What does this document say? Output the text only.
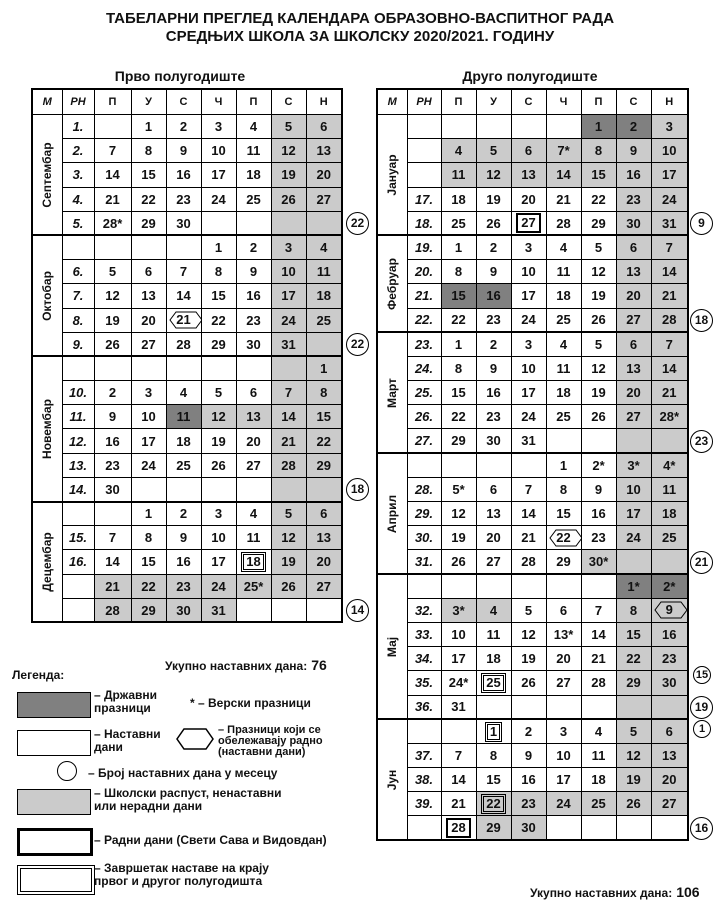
ТАБЕЛАРНИ ПРЕГЛЕД КАЛЕНДАРА ОБРАЗОВНО-ВАСПИТНОГ РАДА
СРЕДЊИХ ШКОЛА ЗА ШКОЛСКУ 2020/2021. ГОДИНУ
Прво полугодиште	Друго полугодиште
М	РН	П	У	С	Ч	П	С	Н

Септембар	1.		1	2	3	4	5	6
	2.	7	8	9	10	11	12	13
	3.	14	15	16	17	18	19	20
	4.	21	22	23	24	25	26	27
	5.	28*	29	30				

Октобар					1	2	3	4
	6.	5	6	7	8	9	10	11
	7.	12	13	14	15	16	17	18
	8.	19	20	21	22	23	24	25
	9.	26	27	28	29	30	31	

Новембар								1
	10.	2	3	4	5	6	7	8
	11.	9	10	11	12	13	14	15
	12.	16	17	18	19	20	21	22
	13.	23	24	25	26	27	28	29
	14.	30						

Децембар			1	2	3	4	5	6
	15.	7	8	9	10	11	12	13
	16.	14	15	16	17	18	19	20
		21	22	23	24	25*	26	27
		28	29	30	31			
М	РН	П	У	С	Ч	П	С	Н

Јануар						1	2	3
		4	5	6	7*	8	9	10
		11	12	13	14	15	16	17
	17.	18	19	20	21	22	23	24
	18.	25	26	27	28	29	30	31

Фебруар	19.	1	2	3	4	5	6	7
	20.	8	9	10	11	12	13	14
	21.	15	16	17	18	19	20	21
	22.	22	23	24	25	26	27	28

Март	23.	1	2	3	4	5	6	7
	24.	8	9	10	11	12	13	14
	25.	15	16	17	18	19	20	21
	26.	22	23	24	25	26	27	28*
	27.	29	30	31				

Април					1	2*	3*	4*
	28.	5*	6	7	8	9	10	11
	29.	12	13	14	15	16	17	18
	30.	19	20	21	22	23	24	25
	31.	26	27	28	29	30*		

Мај							1*	2*
	32.	3*	4	5	6	7	8	9

	33.	10	11	12	13*	14	15	16
	34.	17	18	19	20	21	22	23
	35.	24*	25	26	27	28	29	30
	36.	31						

Јун			1	2	3	4	5	6
	37.	7	8	9	10	11	12	13
	38.	14	15	16	17	18	19	20
	39.	21	22	23	24	25	26	27
		28	29	30				
22
22
18
14
9
18
23
21
19
15
16
1
Укупно наставних дана: 76
Укупно наставних дана: 106
Легенда:
– Државни
празници	* – Верски празници
– Наставни
дани
– Празници који се
обележавају радно
(наставни дани)
– Број наставних дана у месецу
– Школски распуст, ненаставни
или нерадни дани
– Радни дани (Свети Сава и Видовдан)
– Завршетак наставе на крају
првог и другог полугодишта
